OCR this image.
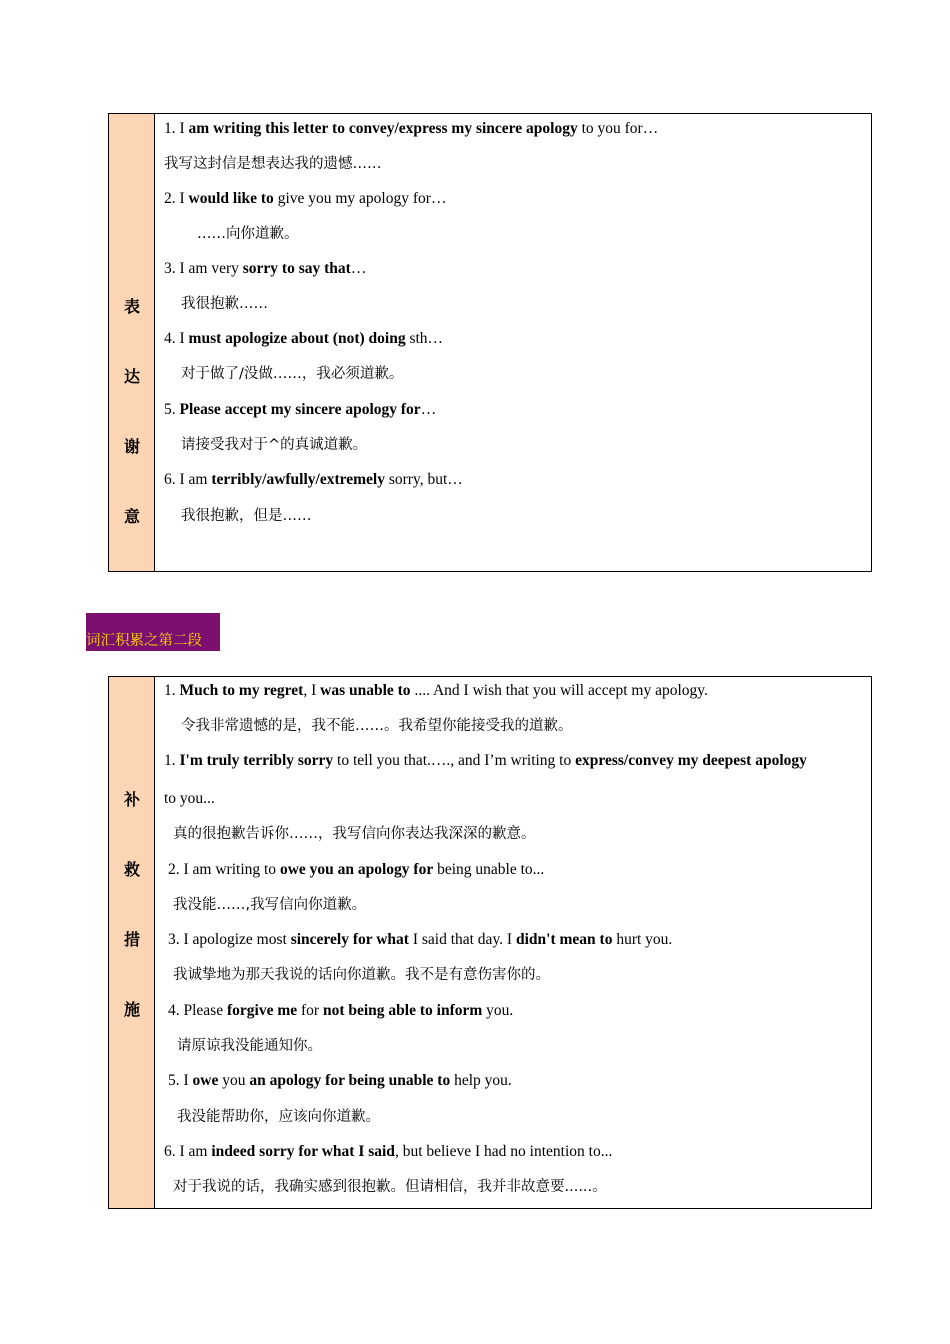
表
达
谢
意
1. I am writing this letter to convey/express my sincere apology to you for…
我写这封信是想表达我的遗憾……
2. I would like to give you my apology for…
……向你道歉。
3. I am very sorry to say that…
我很抱歉……
4. I must apologize about (not) doing sth…
对于做了/没做……，我必须道歉。
5. Please accept my sincere apology for…
请接受我对于^的真诚道歉。
6. I am terribly/awfully/extremely sorry, but…
我很抱歉，但是……
词汇积累之第二段
补
救
措
施
1. Much to my regret, I was unable to .... And I wish that you will accept my apology.
令我非常遗憾的是，我不能……。我希望你能接受我的道歉。
1. I'm truly terribly sorry to tell you that.…., and I’m writing to express/convey my deepest apology
to you...
真的很抱歉告诉你……，我写信向你表达我深深的歉意。
2. I am writing to owe you an apology for being unable to...
我没能……,我写信向你道歉。
3. I apologize most sincerely for what I said that day. I didn't mean to hurt you.
我诚挚地为那天我说的话向你道歉。我不是有意伤害你的。
4. Please forgive me for not being able to inform you.
请原谅我没能通知你。
5. I owe you an apology for being unable to help you.
我没能帮助你，应该向你道歉。
6. I am indeed sorry for what I said, but believe I had no intention to...
对于我说的话，我确实感到很抱歉。但请相信，我并非故意要......。
